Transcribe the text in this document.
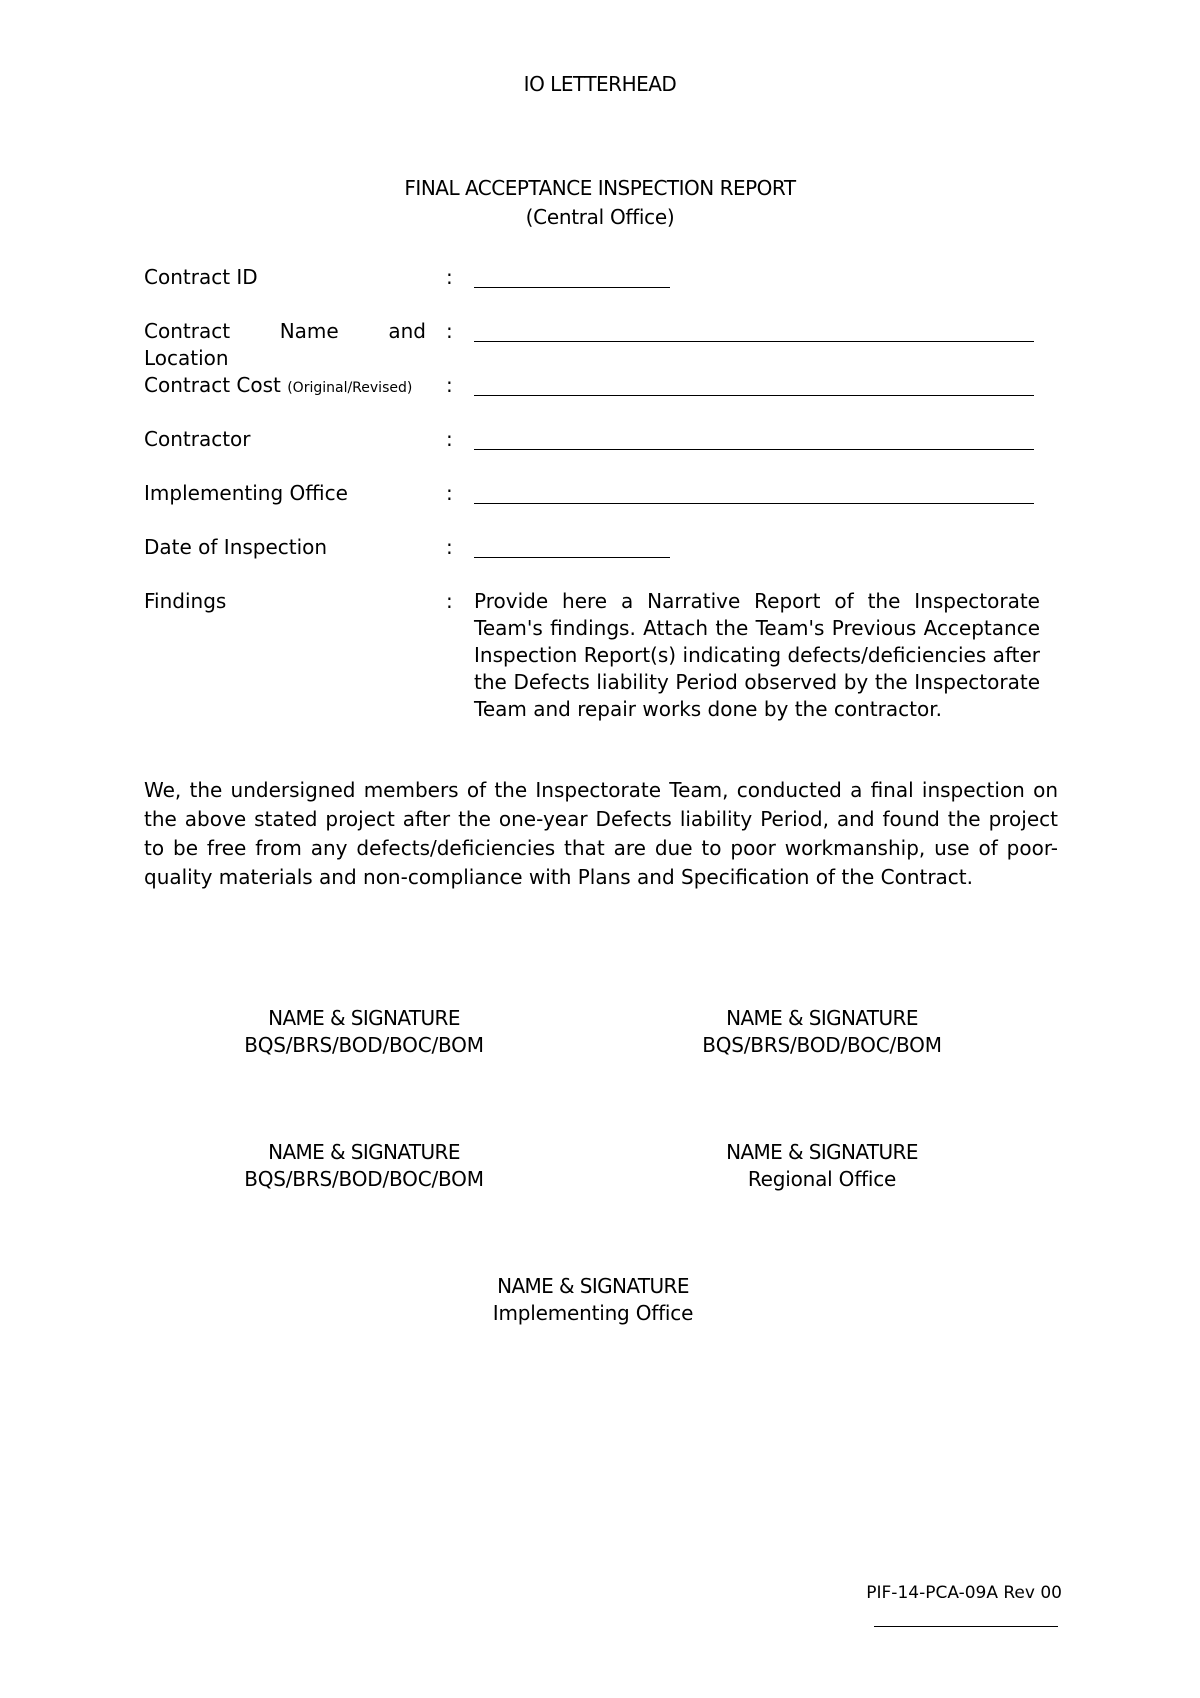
IO LETTERHEAD
FINAL ACCEPTANCE INSPECTION REPORT
(Central Office)
Contract ID	:
Contract Name and :
Location
Contract Cost (Original/Revised)	:
Contractor	:
Implementing Office	:
Date of Inspection	:
Findings	: Provide here a Narrative Report of the Inspectorate Team's findings. Attach the Team's Previous Acceptance Inspection Report(s) indicating defects/deficiencies after the Defects liability Period observed by the Inspectorate Team and repair works done by the contractor.
We, the undersigned members of the Inspectorate Team, conducted a final inspection on the above stated project after the one-year Defects liability Period, and found the project to be free from any defects/deficiencies that are due to poor workmanship, use of poor-quality materials and non-compliance with Plans and Specification of the Contract.
NAME & SIGNATURE
BQS/BRS/BOD/BOC/BOM
NAME & SIGNATURE
BQS/BRS/BOD/BOC/BOM
NAME & SIGNATURE
BQS/BRS/BOD/BOC/BOM
NAME & SIGNATURE
Regional Office
NAME & SIGNATURE
Implementing Office
PIF-14-PCA-09A Rev 00
